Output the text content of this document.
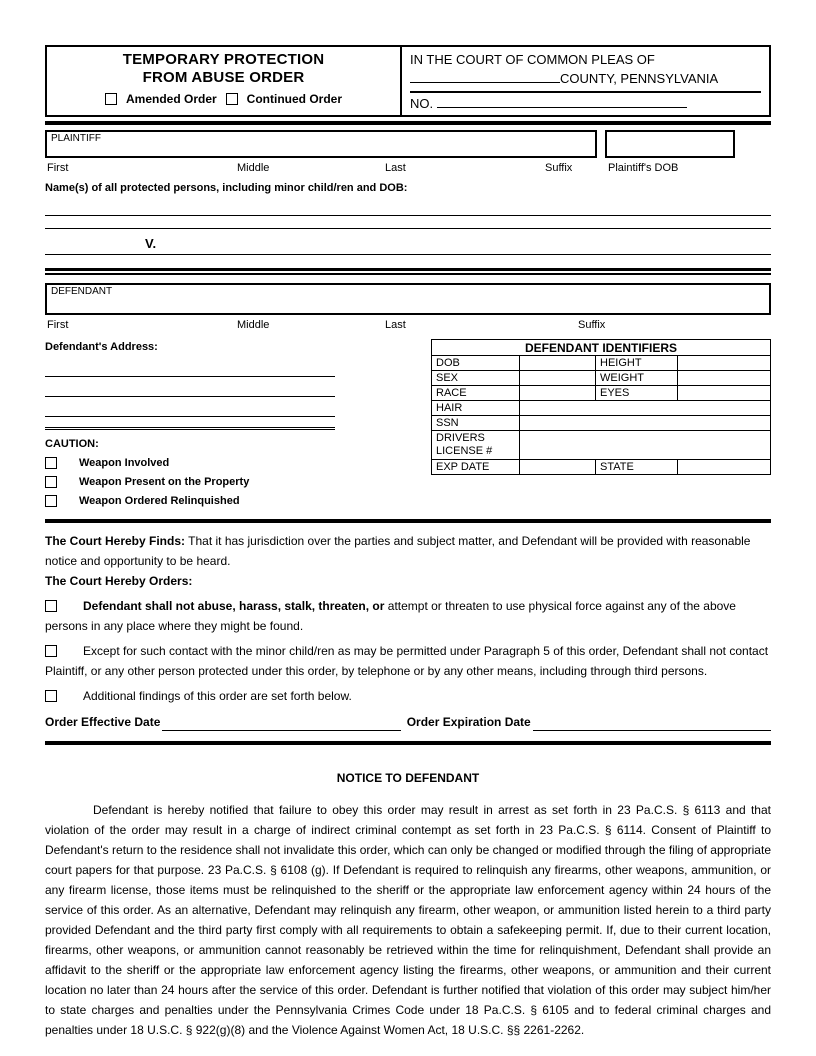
TEMPORARY PROTECTION
FROM ABUSE ORDER
Amended Order	Continued Order
IN THE COURT OF COMMON PLEAS OF
COUNTY, PENNSYLVANIA
NO.
PLAINTIFF
First	Middle	Last	Suffix	Plaintiff's DOB
Name(s) of all protected persons, including minor child/ren and DOB:
V.
DEFENDANT
First	Middle	Last	Suffix
Defendant's Address:
CAUTION:
Weapon Involved
Weapon Present on the Property
Weapon Ordered Relinquished
DEFENDANT IDENTIFIERS			
DOB		HEIGHT	
SEX		WEIGHT	
RACE		EYES	
HAIR			
SSN			
DRIVERS LICENSE #			
EXP DATE		STATE	

The Court Hereby Finds: That it has jurisdiction over the parties and subject matter, and Defendant will be provided with reasonable notice and opportunity to be heard.

The Court Hereby Orders:

Defendant shall not abuse, harass, stalk, threaten, or attempt or threaten to use physical force against any of the above persons in any place where they might be found.
Except for such contact with the minor child/ren as may be permitted under Paragraph 5 of this order, Defendant shall not contact Plaintiff, or any other person protected under this order, by telephone or by any other means, including through third persons.
Additional findings of this order are set forth below.
Order Effective Date	Order Expiration Date
NOTICE TO DEFENDANT
Defendant is hereby notified that failure to obey this order may result in arrest as set forth in 23 Pa.C.S. § 6113 and that violation of the order may result in a charge of indirect criminal contempt as set forth in 23 Pa.C.S. § 6114. Consent of Plaintiff to Defendant's return to the residence shall not invalidate this order, which can only be changed or modified through the filing of appropriate court papers for that purpose. 23 Pa.C.S. § 6108 (g). If Defendant is required to relinquish any firearms, other weapons, ammunition, or any firearm license, those items must be relinquished to the sheriff or the appropriate law enforcement agency within 24 hours of the service of this order. As an alternative, Defendant may relinquish any firearm, other weapon, or ammunition listed herein to a third party provided Defendant and the third party first comply with all requirements to obtain a safekeeping permit. If, due to their current location, firearms, other weapons, or ammunition cannot reasonably be retrieved within the time for relinquishment, Defendant shall provide an affidavit to the sheriff or the appropriate law enforcement agency listing the firearms, other weapons, or ammunition and their current location no later than 24 hours after the service of this order. Defendant is further notified that violation of this order may subject him/her to state charges and penalties under the Pennsylvania Crimes Code under 18 Pa.C.S. § 6105 and to federal criminal charges and penalties under 18 U.S.C. § 922(g)(8) and the Violence Against Women Act, 18 U.S.C. §§ 2261-2262.
